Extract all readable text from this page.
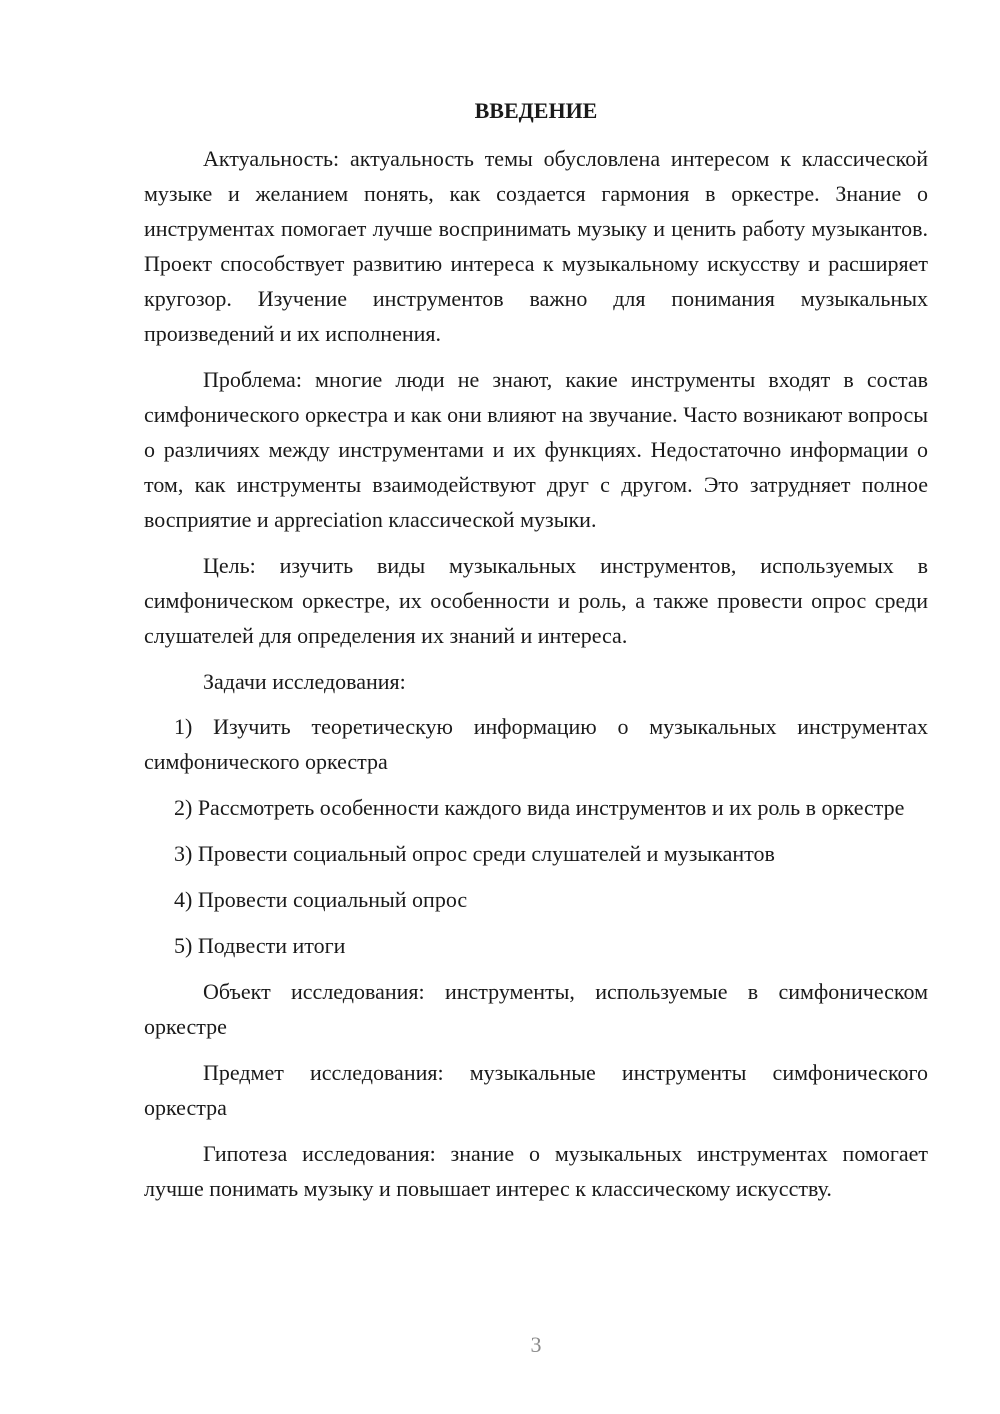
ВВЕДЕНИЕ

Актуальность: актуальность темы обусловлена интересом к классической музыке и желанием понять, как создается гармония в оркестре. Знание о инструментах помогает лучше воспринимать музыку и ценить работу музыкантов. Проект способствует развитию интереса к музыкальному искусству и расширяет кругозор. Изучение инструментов важно для понимания музыкальных произведений и их исполнения.

Проблема: многие люди не знают, какие инструменты входят в состав симфонического оркестра и как они влияют на звучание. Часто возникают вопросы о различиях между инструментами и их функциях. Недостаточно информации о том, как инструменты взаимодействуют друг с другом. Это затрудняет полное восприятие и appreciation классической музыки.

Цель: изучить виды музыкальных инструментов, используемых в симфоническом оркестре, их особенности и роль, а также провести опрос среди слушателей для определения их знаний и интереса.

Задачи исследования:

1) Изучить теоретическую информацию о музыкальных инструментах симфонического оркестра

2) Рассмотреть особенности каждого вида инструментов и их роль в оркестре

3) Провести социальный опрос среди слушателей и музыкантов

4) Провести социальный опрос

5) Подвести итоги

Объект исследования: инструменты, используемые в симфоническом оркестре

Предмет исследования: музыкальные инструменты симфонического оркестра

Гипотеза исследования: знание о музыкальных инструментах помогает лучше понимать музыку и повышает интерес к классическому искусству.

3
